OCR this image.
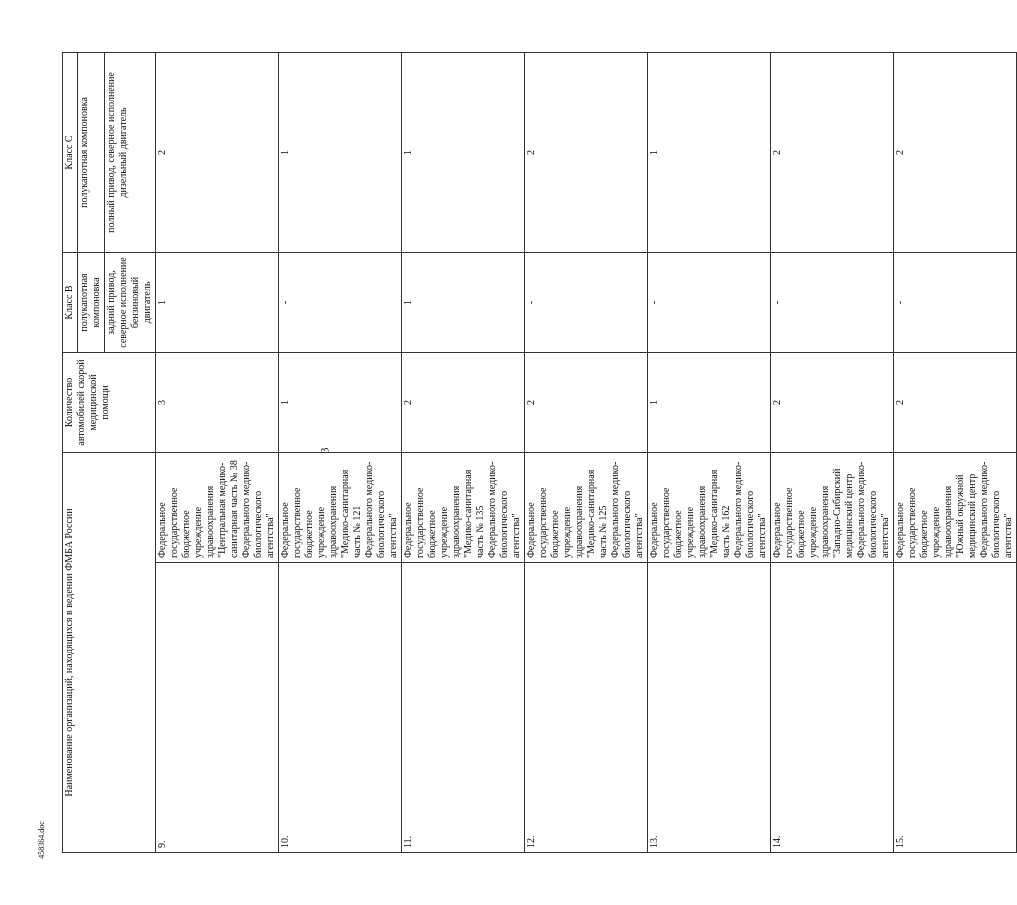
3
458364.doc
Наименование организаций, находящихся в ведении ФМБА России		Количество автомобилей скорой медицинской помощи	Класс В	Класс С
			полукапотная компоновка	полукапотная компоновка
			задний привод, северное исполнение бензиновый двигатель	полный привод, северное исполнение дизельный двигатель
9.	Федеральное государственное бюджетное учреждение здравоохранения "Центральная медико-санитарная часть № 38 Федерального медико-биологического агентства"	3	1	2
10.	Федеральное государственное бюджетное учреждение здравоохранения "Медико-санитарная часть № 121 Федерального медико-биологического агентства"	1	-	1
11.	Федеральное государственное бюджетное учреждение здравоохранения "Медико-санитарная часть № 135 Федерального медико-биологического агентства"	2	1	1
12.	Федеральное государственное бюджетное учреждение здравоохранения "Медико-санитарная часть № 125 Федерального медико-биологического агентства"	2	-	2
13.	Федеральное государственное бюджетное учреждение здравоохранения "Медико-санитарная часть № 162 Федерального медико-биологического агентства"	1	-	1
14.	Федеральное государственное бюджетное учреждение здравоохранения "Западно-Сибирский медицинский центр Федерального медико-биологического агентства"	2	-	2
15.	Федеральное государственное бюджетное учреждение здравоохранения "Южный окружной медицинский центр Федерального медико-биологического агентства"	2	-	2
